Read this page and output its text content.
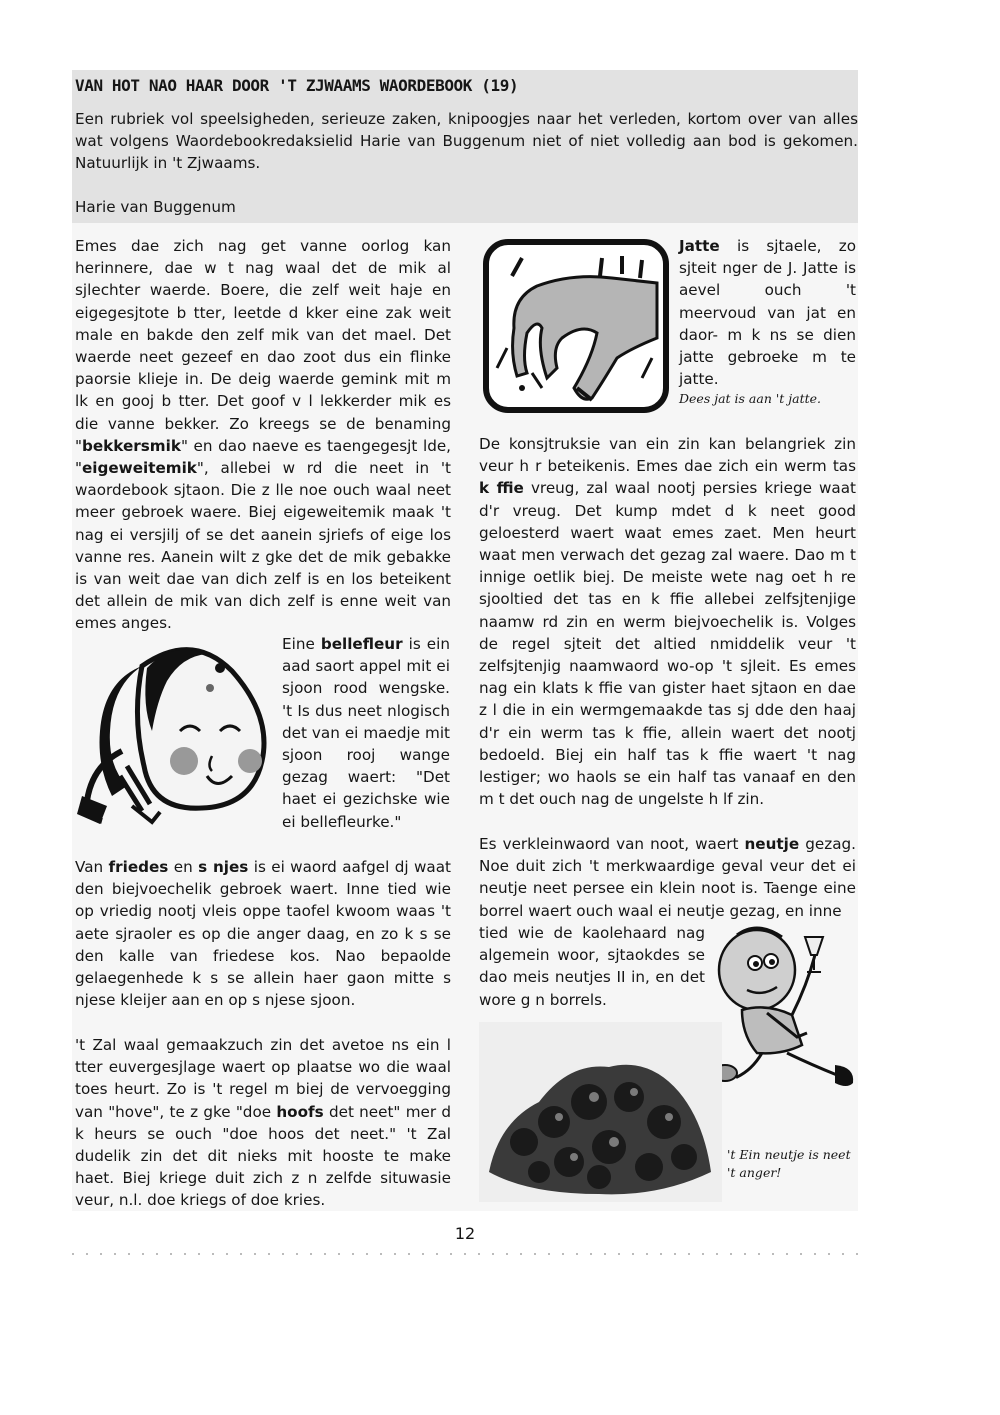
VAN HOT NAO HAAR DOOR 'T ZJWAAMS WAORDEBOOK (19)
Een rubriek vol speelsigheden, serieuze zaken, knipoogjes naar het verleden, kortom over van alles wat volgens Waordebookredaksielid Harie van Buggenum niet of niet volledig aan bod is gekomen. Natuurlijk in 't Zjwaams.
Harie van Buggenum

Emes dae zich nag get vanne oorlog kan herinnere, dae w t nag waal det de mik al sjlechter waerde. Boere, die zelf weit haje en eigegesjtote b tter, leetde d kker eine zak weit male en bakde den zelf mik van det mael. Det waerde neet gezeef en dao zoot dus ein flinke paorsie klieje in. De deig waerde gemink mit m lk en gooj b tter. Det goof v l lekkerder mik es die vanne bekker. Zo kreegs se de benaming "bekkersmik" en dao naeve es taengegesjt lde, "eigeweitemik", allebei w rd die neet in 't waordebook sjtaon. Die z lle noe ouch waal neet meer gebroek waere. Biej eigeweitemik maak 't nag ei versjilj of se det aanein sjriefs of eige los vanne res. Aanein wilt z gke det de mik gebakke is van weit dae van dich zelf is en los beteikent det allein de mik van dich zelf is enne weit van emes anges.

Eine bellefleur is ein aad saort appel mit ei sjoon rood wengske. 't Is dus neet nlogisch det van ei maedje mit sjoon rooj wange gezag waert: "Det haet ei gezichske wie ei bellefleurke."

Van friedes en s njes is ei waord aafgel dj waat den biejvoechelik gebroek waert. Inne tied wie op vriedig nootj vleis oppe taofel kwoom waas 't aete sjraoler es op die anger daag, en zo k s se den kalle van friedese kos. Nao bepaolde gelaegenhede k s se allein haer gaon mitte s njese kleijer aan en op s njese sjoon.

't Zal waal gemaakzuch zin det avetoe ns ein l tter euvergesjlage waert op plaatse wo die waal toes heurt. Zo is 't regel m biej de vervoegging van "hove", te z gke "doe hoofs det neet" mer d k heurs se ouch "doe hoos det neet." 't Zal dudelik zin det dit nieks mit hooste te make haet. Biej kriege duit zich z n zelfde situwasie veur, n.l. doe kriegs of doe kries.

Jatte is sjtaele, zo sjteit nger de J. Jatte is aevel ouch 't meervoud van jat en daor- m k ns se dien jatte gebroeke m te jatte.

Dees jat is aan 't jatte.

De konsjtruksie van ein zin kan belangriek zin veur h r beteikenis. Emes dae zich ein werm tas k ffie vreug, zal waal nootj persies kriege waat d'r vreug. Det kump mdet d k neet good geloesterd waert waat emes zaet. Men heurt waat men verwach det gezag zal waere. Dao m t innige oetlik biej. De meiste wete nag oet h re sjooltied det tas en k ffie allebei zelfsjtenjige naamw rd zin en werm biejvoechelik is. Volges de regel sjteit det altied nmiddelik veur 't zelfsjtenjig naamwaord wo-op 't sjleit. Es emes nag ein klats k ffie van gister haet sjtaon en dae z l die in ein wermgemaakde tas sj dde den haaj d'r ein werm tas k ffie, allein waert det nootj bedoeld. Biej ein half tas k ffie waert 't nag lestiger; wo haols se ein half tas vanaaf en den m t det ouch nag de ungelste h lf zin.

Es verkleinwaord van noot, waert neutje gezag. Noe duit zich 't merkwaardige geval veur det ei neutje neet persee ein klein noot is. Taenge eine borrel waert ouch waal ei neutje gezag, en inne

tied wie de kaolehaard nag algemein woor, sjtaokdes se dao meis neutjes II in, en det wore g n borrels.

't Ein neutje is neet
't anger!
12
